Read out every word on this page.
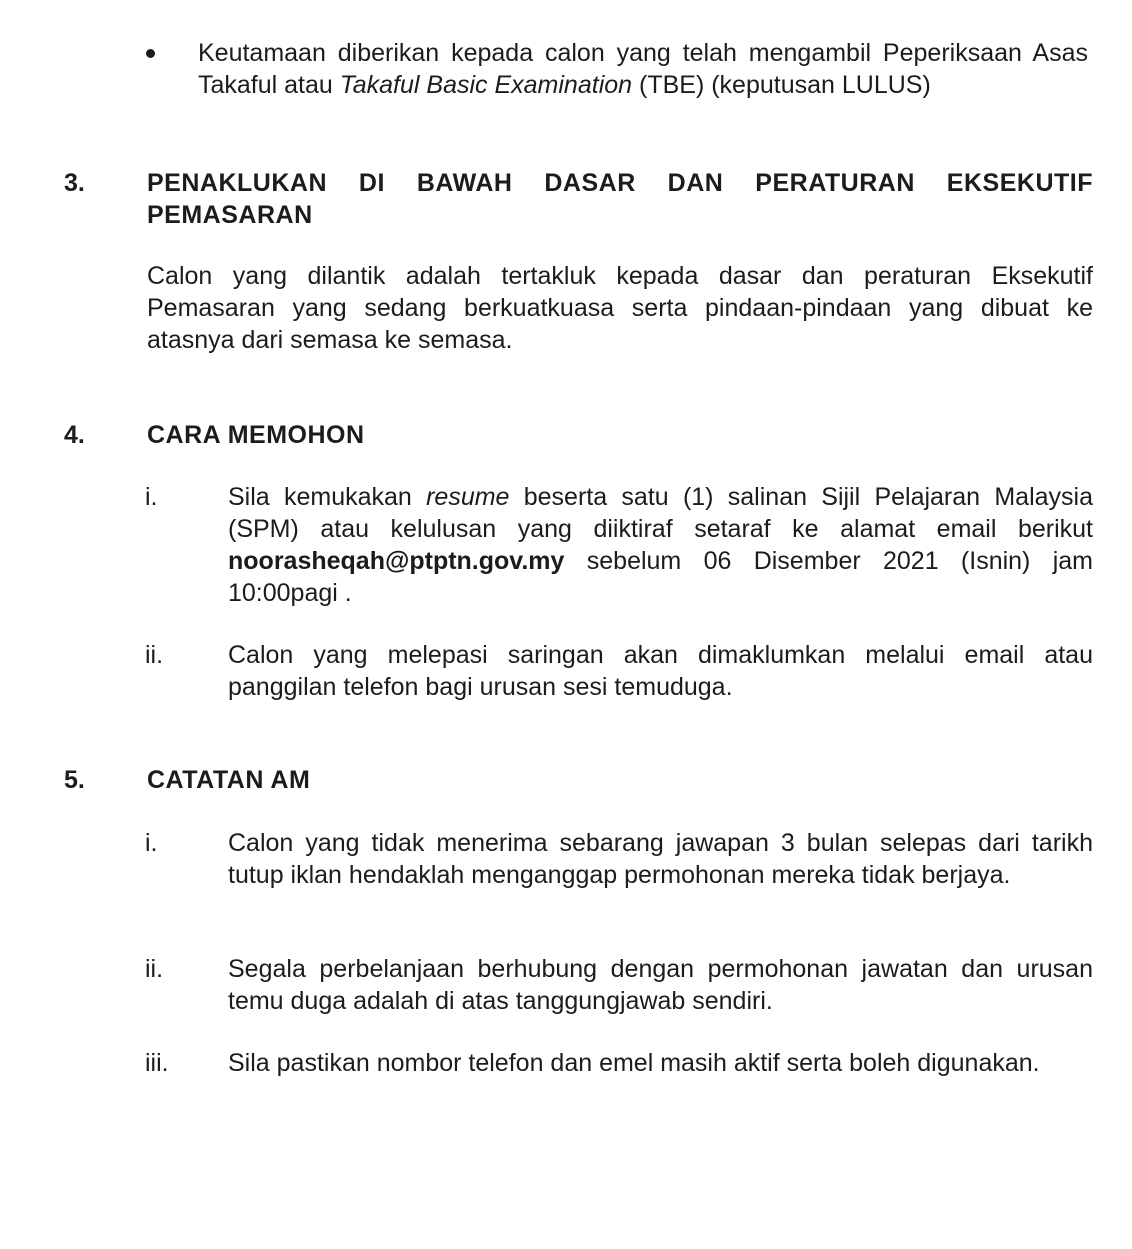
Keutamaan diberikan kepada calon yang telah mengambil Peperiksaan Asas Takaful atau Takaful Basic Examination (TBE) (keputusan LULUS)
3. PENAKLUKAN DI BAWAH DASAR DAN PERATURAN EKSEKUTIF PEMASARAN
Calon yang dilantik adalah tertakluk kepada dasar dan peraturan Eksekutif Pemasaran yang sedang berkuatkuasa serta pindaan-pindaan yang dibuat ke atasnya dari semasa ke semasa.
4. CARA MEMOHON
i.	Sila kemukakan resume beserta satu (1) salinan Sijil Pelajaran Malaysia (SPM) atau kelulusan yang diiktiraf setaraf ke alamat email berikut noorasheqah@ptptn.gov.my sebelum 06 Disember 2021 (Isnin) jam 10:00pagi .
ii.	Calon yang melepasi saringan akan dimaklumkan melalui email atau panggilan telefon bagi urusan sesi temuduga.
5. CATATAN AM
i.	Calon yang tidak menerima sebarang jawapan 3 bulan selepas dari tarikh tutup iklan hendaklah menganggap permohonan mereka tidak berjaya.
ii.	Segala perbelanjaan berhubung dengan permohonan jawatan dan urusan temu duga adalah di atas tanggungjawab sendiri.
iii. Sila pastikan nombor telefon dan emel masih aktif serta boleh digunakan.
